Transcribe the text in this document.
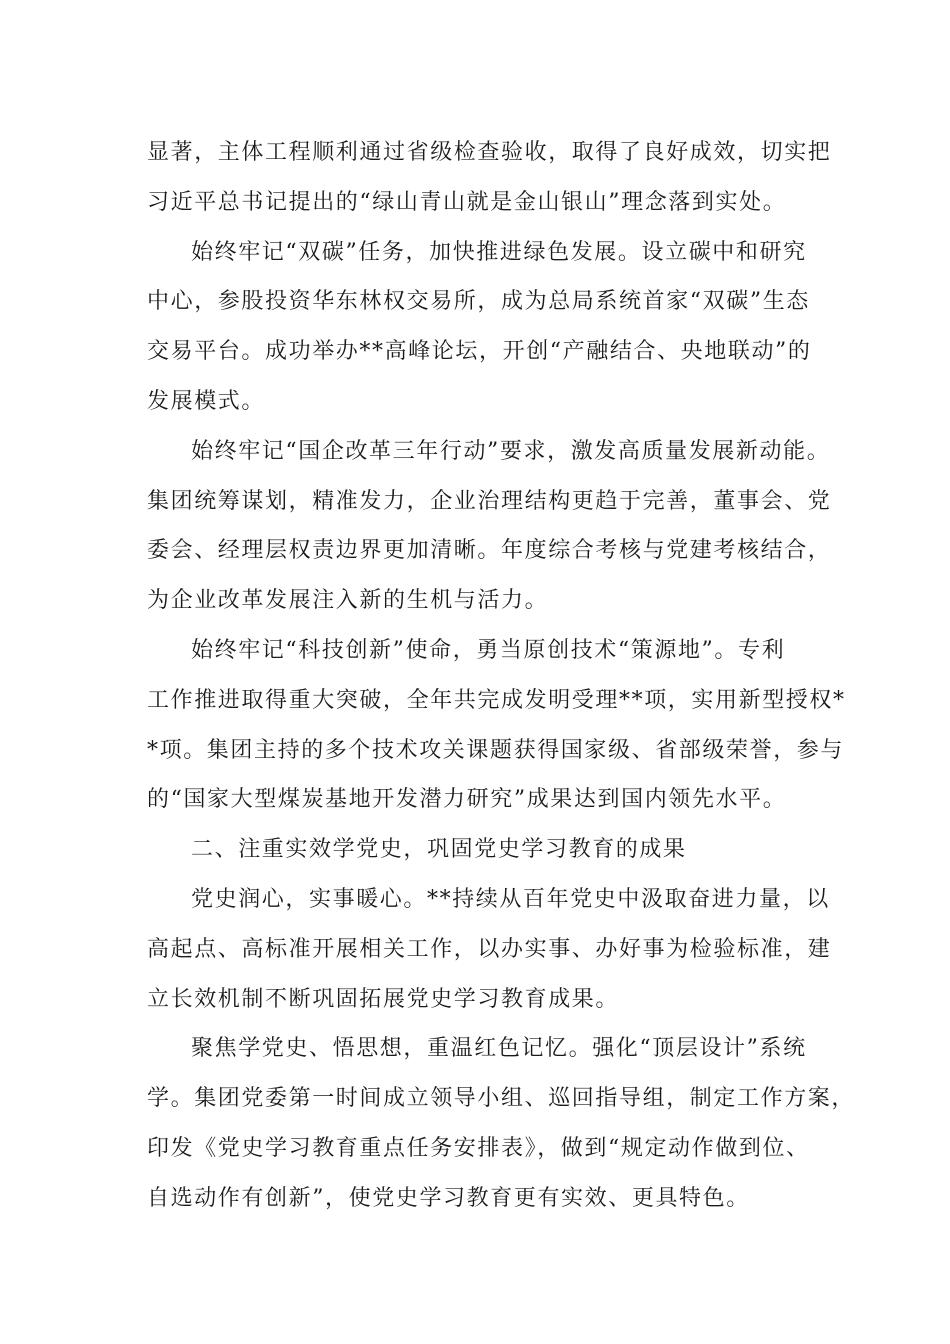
显著，主体工程顺利通过省级检查验收，取得了良好成效，切实把
习近平总书记提出的“绿山青山就是金山银山”理念落到实处。
始终牢记“双碳”任务，加快推进绿色发展。设立碳中和研究
中心，参股投资华东林权交易所，成为总局系统首家“双碳”生态
交易平台。成功举办**高峰论坛，开创“产融结合、央地联动”的
发展模式。
始终牢记“国企改革三年行动”要求，激发高质量发展新动能。
集团统筹谋划，精准发力，企业治理结构更趋于完善，董事会、党
委会、经理层权责边界更加清晰。年度综合考核与党建考核结合，
为企业改革发展注入新的生机与活力。
始终牢记“科技创新”使命，勇当原创技术“策源地”。专利
工作推进取得重大突破，全年共完成发明受理**项，实用新型授权*
*项。集团主持的多个技术攻关课题获得国家级、省部级荣誉，参与
的“国家大型煤炭基地开发潜力研究”成果达到国内领先水平。
二、注重实效学党史，巩固党史学习教育的成果
党史润心，实事暖心。**持续从百年党史中汲取奋进力量，以
高起点、高标准开展相关工作，以办实事、办好事为检验标准，建
立长效机制不断巩固拓展党史学习教育成果。
聚焦学党史、悟思想，重温红色记忆。强化“顶层设计”系统
学。集团党委第一时间成立领导小组、巡回指导组，制定工作方案，
印发《党史学习教育重点任务安排表》，做到“规定动作做到位、
自选动作有创新”，使党史学习教育更有实效、更具特色。
